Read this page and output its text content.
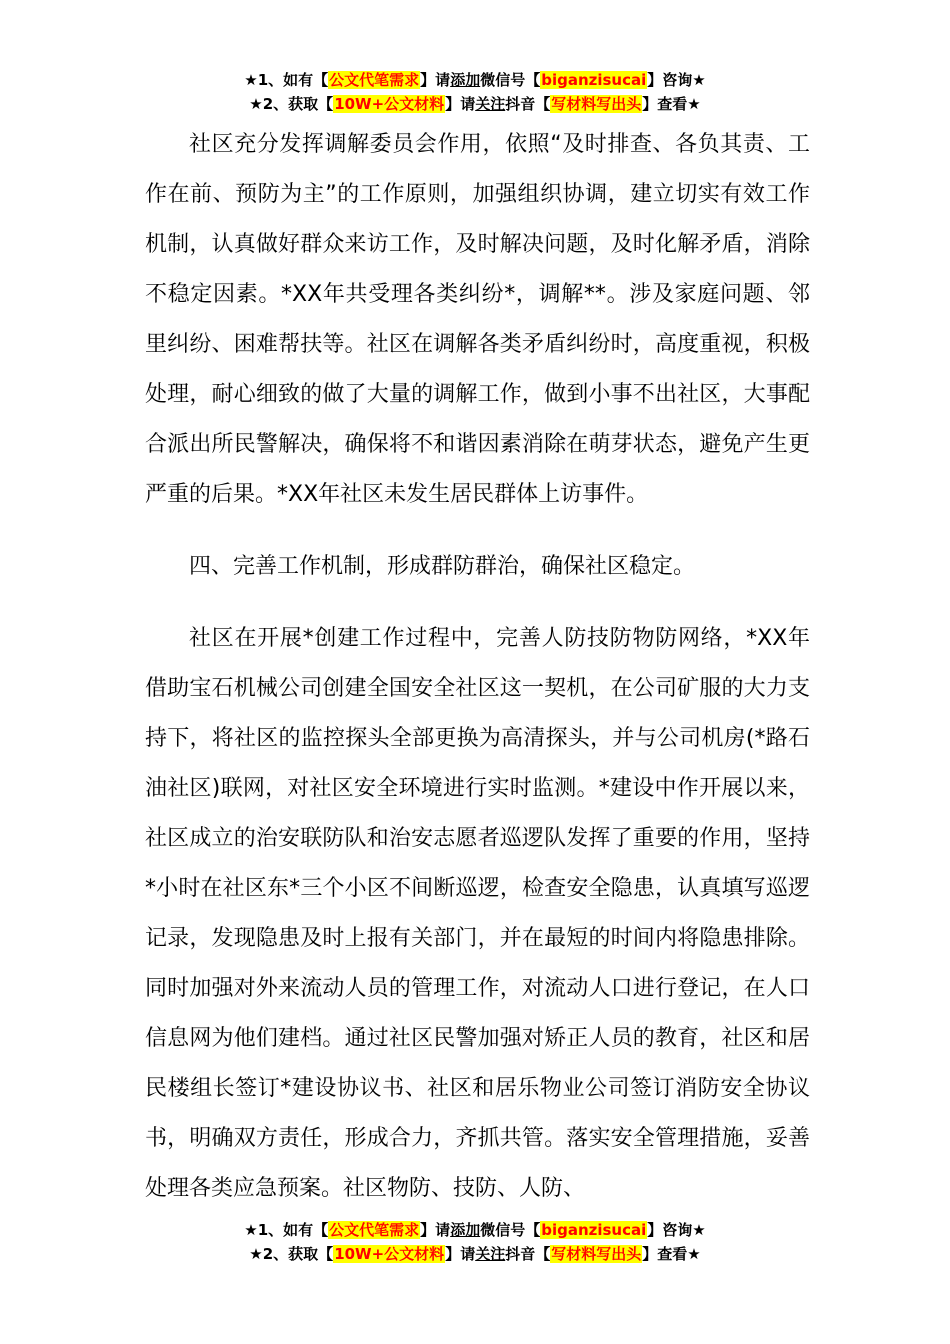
★1、如有【公文代笔需求】请添加微信号【biganzisucai】咨询★
★2、获取【10W+公文材料】请关注抖音【写材料写出头】查看★

社区充分发挥调解委员会作用，依照“及时排查、各负其责、工作在前、预防为主”的工作原则，加强组织协调，建立切实有效工作机制，认真做好群众来访工作，及时解决问题，及时化解矛盾，消除不稳定因素。*XX年共受理各类纠纷*，调解**。涉及家庭问题、邻里纠纷、困难帮扶等。社区在调解各类矛盾纠纷时，高度重视，积极处理，耐心细致的做了大量的调解工作，做到小事不出社区，大事配合派出所民警解决，确保将不和谐因素消除在萌芽状态，避免产生更严重的后果。*XX年社区未发生居民群体上访事件。

四、完善工作机制，形成群防群治，确保社区稳定。

社区在开展*创建工作过程中，完善人防技防物防网络，*XX年借助宝石机械公司创建全国安全社区这一契机，在公司矿服的大力支持下，将社区的监控探头全部更换为高清探头，并与公司机房(*路石油社区)联网，对社区安全环境进行实时监测。*建设中作开展以来，社区成立的治安联防队和治安志愿者巡逻队发挥了重要的作用，坚持*小时在社区东*三个小区不间断巡逻，检查安全隐患，认真填写巡逻记录，发现隐患及时上报有关部门，并在最短的时间内将隐患排除。同时加强对外来流动人员的管理工作，对流动人口进行登记，在人口信息网为他们建档。通过社区民警加强对矫正人员的教育，社区和居民楼组长签订*建设协议书、社区和居乐物业公司签订消防安全协议书，明确双方责任，形成合力，齐抓共管。落实安全管理措施，妥善处理各类应急预案。社区物防、技防、人防、

★1、如有【公文代笔需求】请添加微信号【biganzisucai】咨询★
★2、获取【10W+公文材料】请关注抖音【写材料写出头】查看★
